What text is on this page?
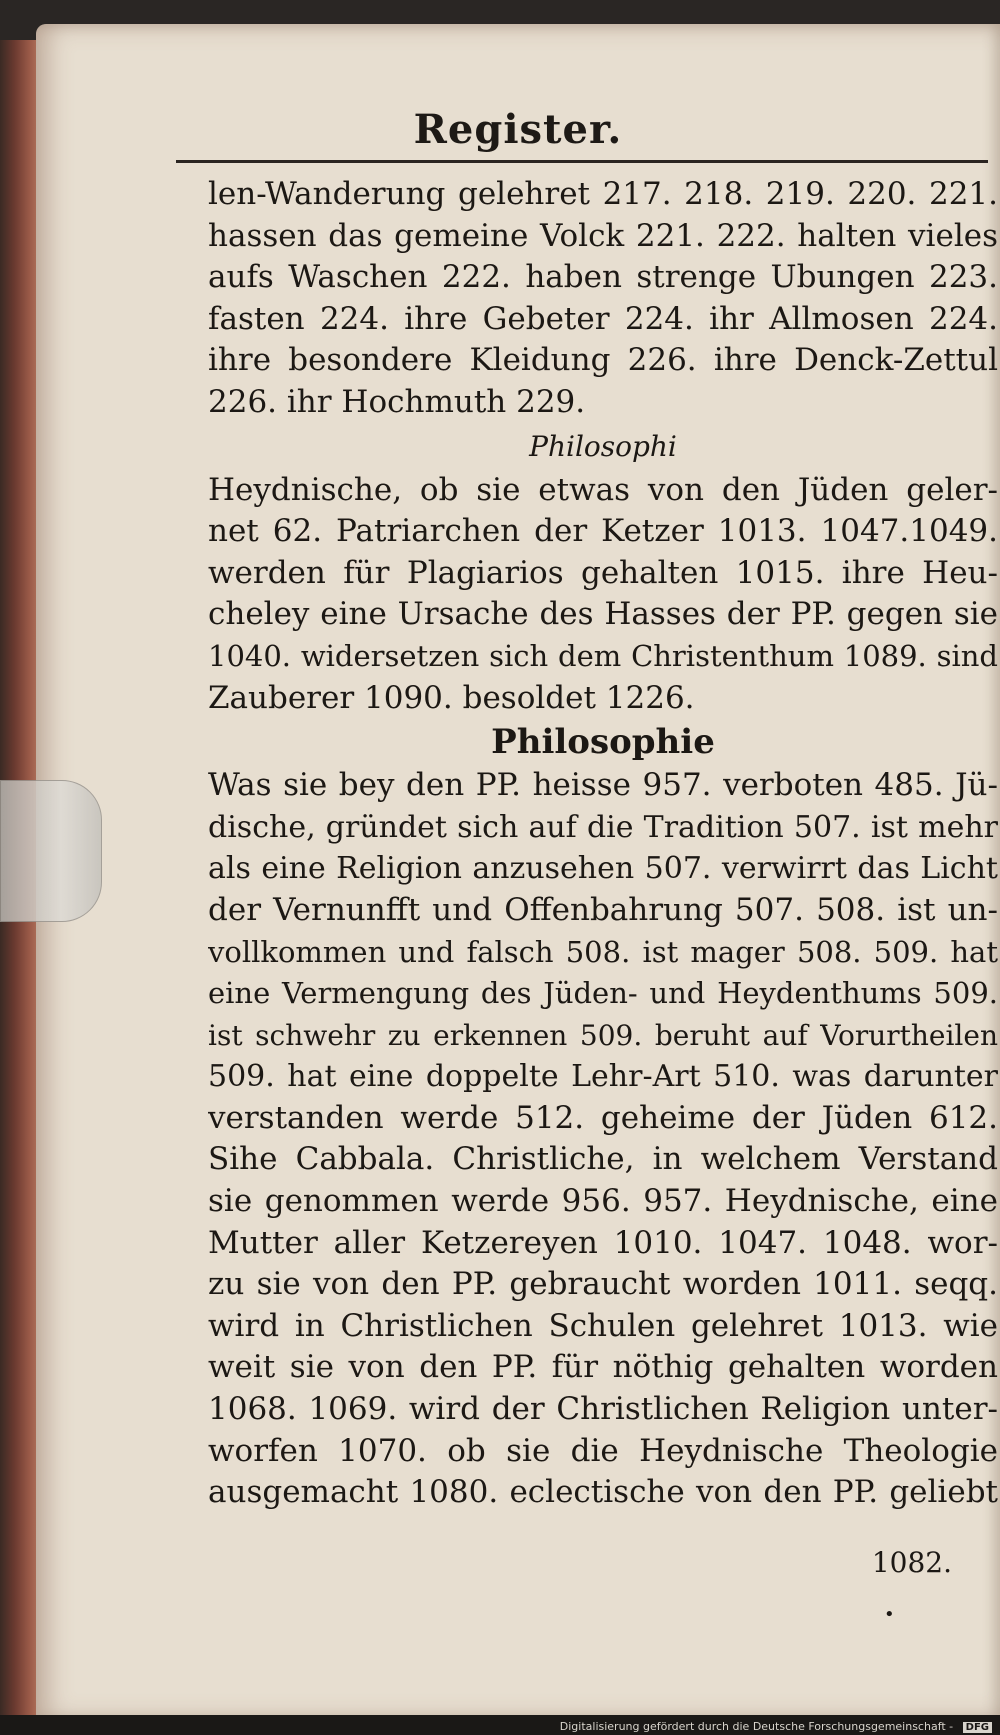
Register.
len-Wanderung gelehret 217. 218. 219. 220. 221.
hassen das gemeine Volck 221. 222. halten vieles
aufs Waschen 222. haben strenge Ubungen 223.
fasten 224. ihre Gebeter 224. ihr Allmosen 224.
ihre besondere Kleidung 226. ihre Denck-Zettul
226. ihr Hochmuth 229.
Philosophi
Heydnische, ob sie etwas von den Jüden geler-
net 62. Patriarchen der Ketzer 1013. 1047.1049.
werden für Plagiarios gehalten 1015. ihre Heu-
cheley eine Ursache des Hasses der PP. gegen sie
1040. widersetzen sich dem Christenthum 1089. sind
Zauberer 1090. besoldet 1226.
Philosophie
Was sie bey den PP. heisse 957. verboten 485. Jü-
dische, gründet sich auf die Tradition 507. ist mehr
als eine Religion anzusehen 507. verwirrt das Licht
der Vernunfft und Offenbahrung 507. 508. ist un-
vollkommen und falsch 508. ist mager 508. 509. hat
eine Vermengung des Jüden- und Heydenthums 509.
ist schwehr zu erkennen 509. beruht auf Vorurtheilen
509. hat eine doppelte Lehr-Art 510. was darunter
verstanden werde 512. geheime der Jüden 612.
Sihe Cabbala. Christliche, in welchem Verstand
sie genommen werde 956. 957. Heydnische, eine
Mutter aller Ketzereyen 1010. 1047. 1048. wor-
zu sie von den PP. gebraucht worden 1011. seqq.
wird in Christlichen Schulen gelehret 1013. wie
weit sie von den PP. für nöthig gehalten worden
1068. 1069. wird der Christlichen Religion unter-
worfen 1070. ob sie die Heydnische Theologie
ausgemacht 1080. eclectische von den PP. geliebt
1082.
•
Digitalisierung gefördert durch die Deutsche Forschungsgemeinschaft - DFG
